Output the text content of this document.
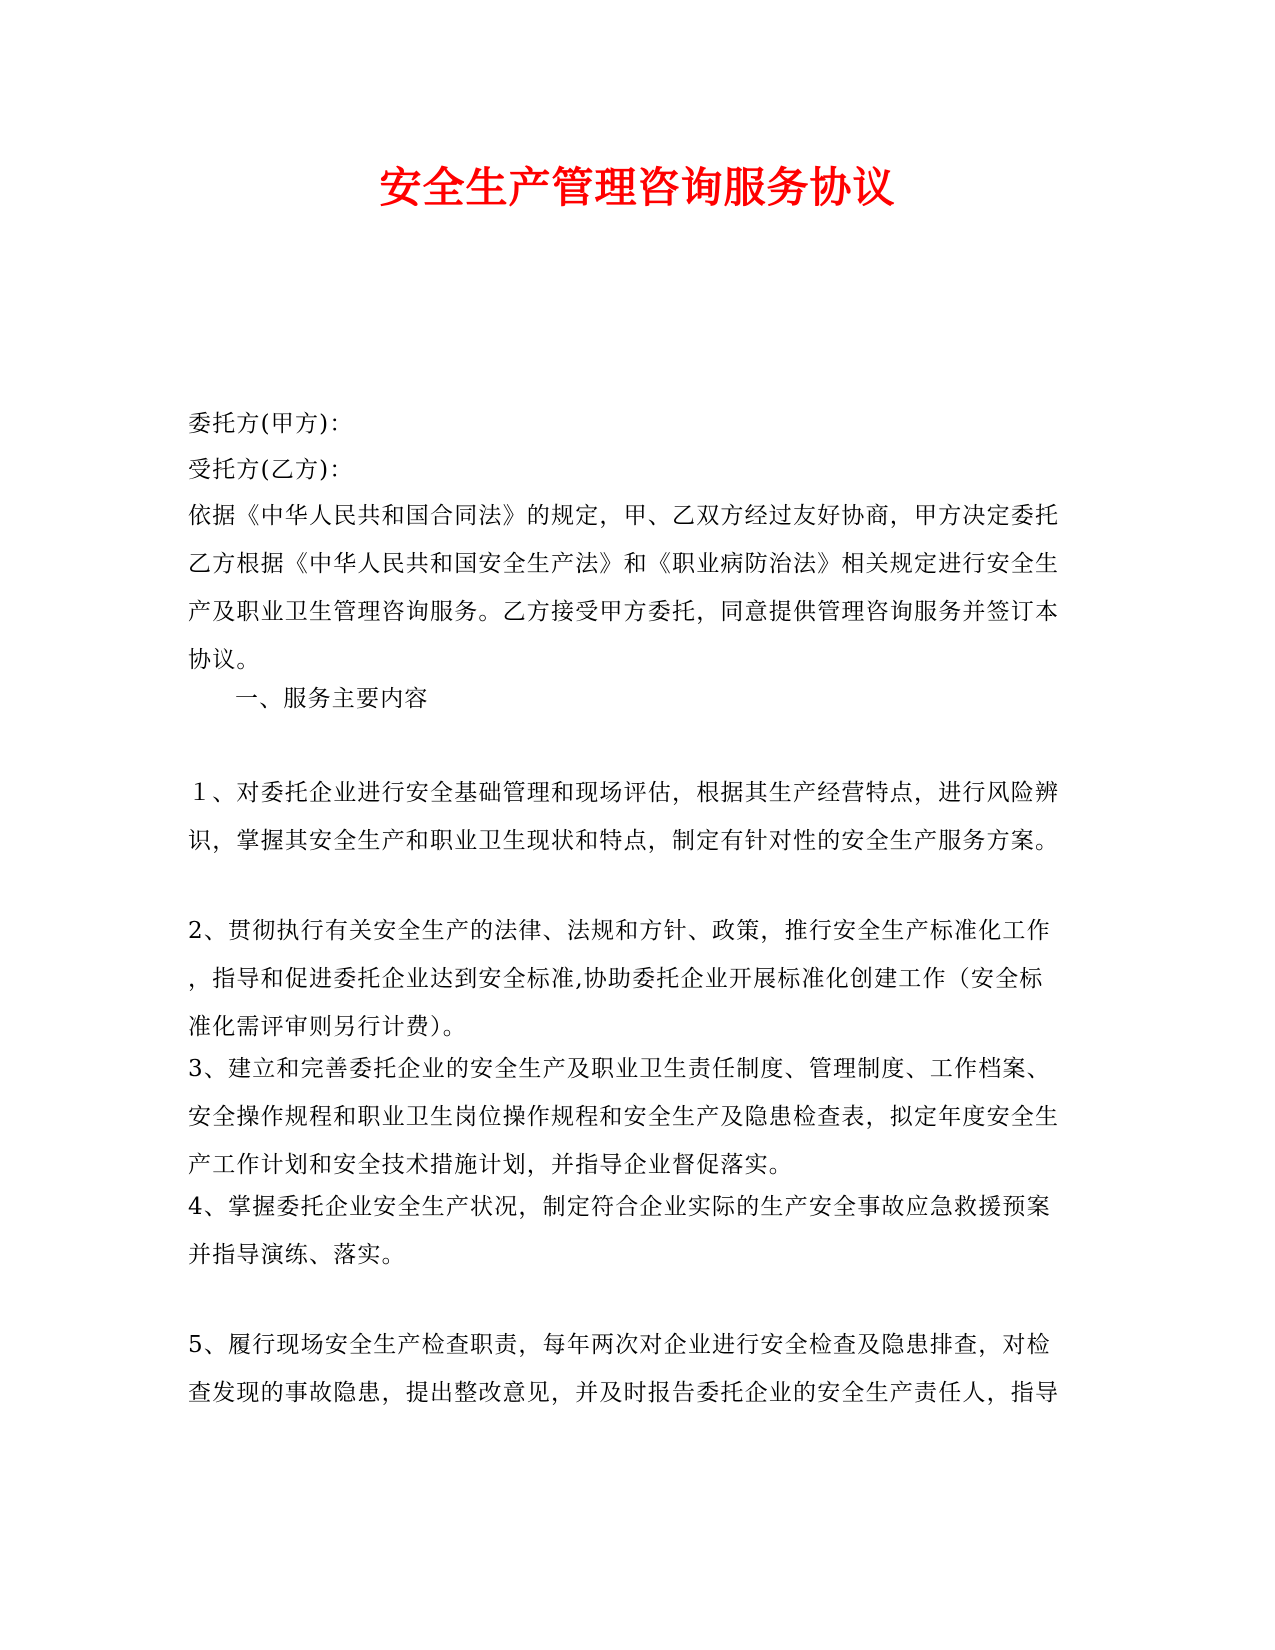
安全生产管理咨询服务协议
委托方(甲方)：
受托方(乙方)：
依据《中华人民共和国合同法》的规定，甲、乙双方经过友好协商，甲方决定委托
乙方根据《中华人民共和国安全生产法》和《职业病防治法》相关规定进行安全生
产及职业卫生管理咨询服务。乙方接受甲方委托，同意提供管理咨询服务并签订本
协议。
一、服务主要内容
１、对委托企业进行安全基础管理和现场评估，根据其生产经营特点，进行风险辨
识，掌握其安全生产和职业卫生现状和特点，制定有针对性的安全生产服务方案。
2、贯彻执行有关安全生产的法律、法规和方针、政策，推行安全生产标准化工作
，指导和促进委托企业达到安全标准,协助委托企业开展标准化创建工作（安全标
准化需评审则另行计费）。
3、建立和完善委托企业的安全生产及职业卫生责任制度、管理制度、工作档案、
安全操作规程和职业卫生岗位操作规程和安全生产及隐患检查表，拟定年度安全生
产工作计划和安全技术措施计划，并指导企业督促落实。
4、掌握委托企业安全生产状况，制定符合企业实际的生产安全事故应急救援预案
并指导演练、落实。
5、履行现场安全生产检查职责，每年两次对企业进行安全检查及隐患排查，对检
查发现的事故隐患，提出整改意见，并及时报告委托企业的安全生产责任人，指导
